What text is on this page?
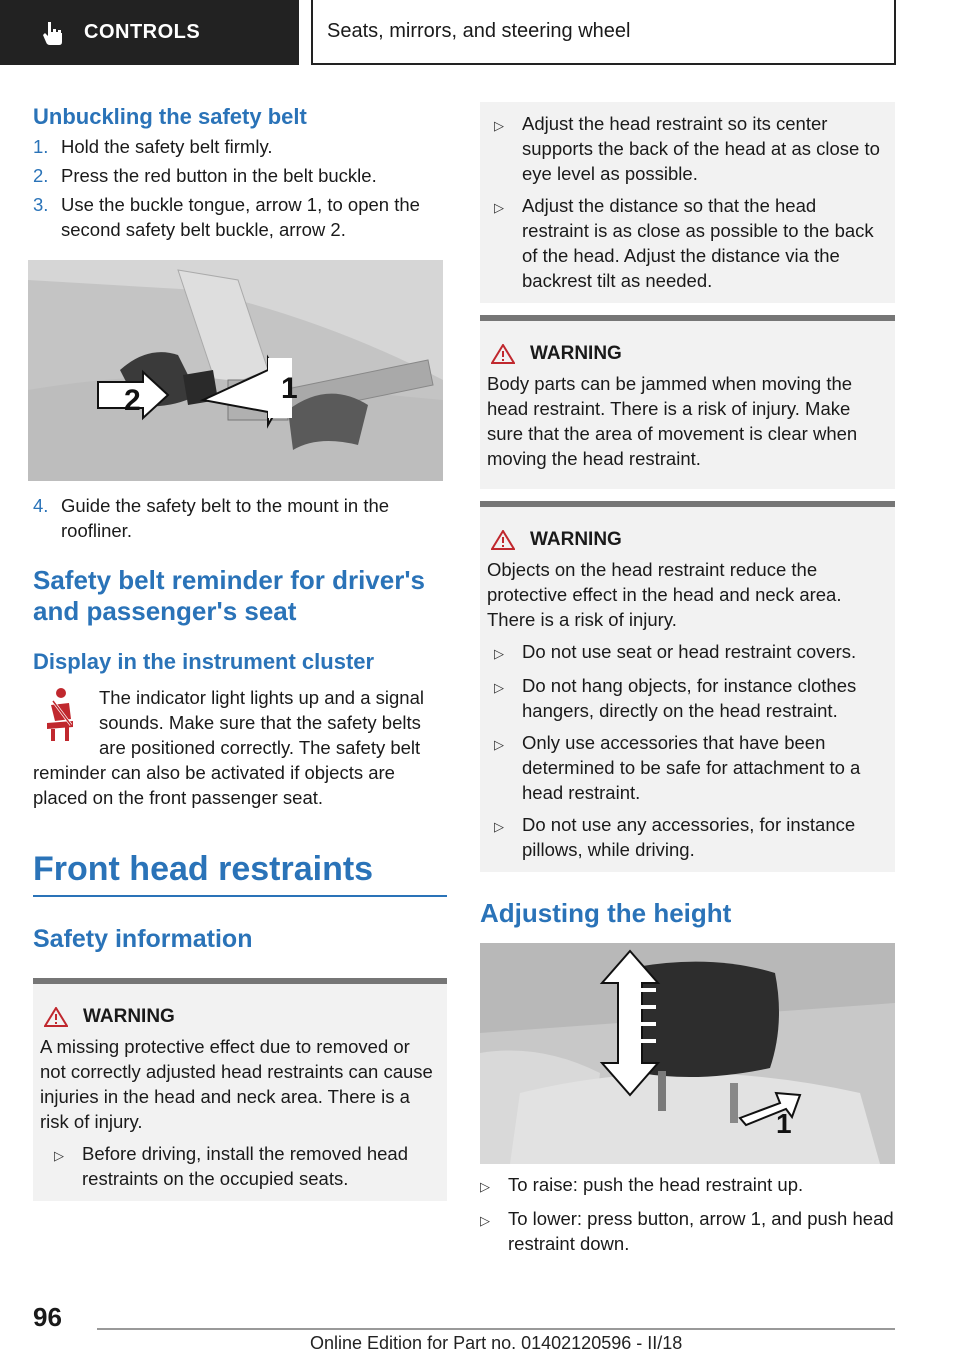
CONTROLS	Seats, mirrors, and steering wheel
Unbuckling the safety belt
1. Hold the safety belt firmly.
2. Press the red button in the belt buckle.
3. Use the buckle tongue, arrow 1, to open the second safety belt buckle, arrow 2.
2	1
4. Guide the safety belt to the mount in the roofliner.
Safety belt reminder for driver's and passenger's seat
Display in the instrument cluster

The indicator light lights up and a signal sounds. Make sure that the safety belts are positioned correctly. The safety belt reminder can also be activated if objects are placed on the front passenger seat.

Front head restraints
Safety information
WARNING

A missing protective effect due to removed or not correctly adjusted head restraints can cause injuries in the head and neck area. There is a risk of injury.

▷ Before driving, install the removed head restraints on the occupied seats.
▷ Adjust the head restraint so its center supports the back of the head at as close to eye level as possible.
▷ Adjust the distance so that the head restraint is as close as possible to the back of the head. Adjust the distance via the backrest tilt as needed.
WARNING

Body parts can be jammed when moving the head restraint. There is a risk of injury. Make sure that the area of movement is clear when moving the head restraint.

WARNING

Objects on the head restraint reduce the protective effect in the head and neck area. There is a risk of injury.

▷ Do not use seat or head restraint covers.
▷ Do not hang objects, for instance clothes hangers, directly on the head restraint.
▷ Only use accessories that have been determined to be safe for attachment to a head restraint.
▷ Do not use any accessories, for instance pillows, while driving.
Adjusting the height
1
▷ To raise: push the head restraint up.
▷ To lower: press button, arrow 1, and push head restraint down.
96
Online Edition for Part no. 01402120596 - II/18
